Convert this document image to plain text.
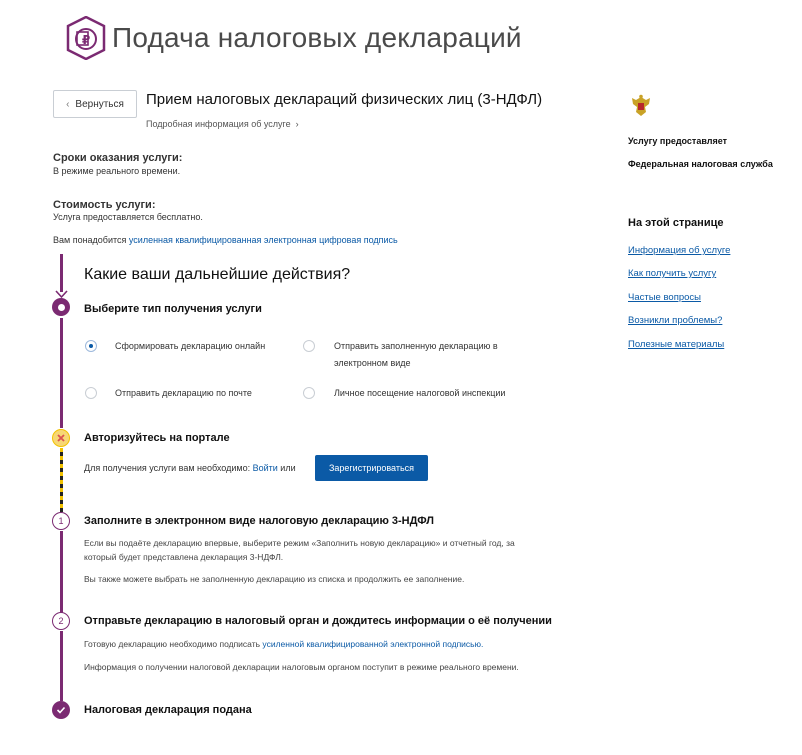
₽ Подача налоговых деклараций
‹ Вернуться Прием налоговых деклараций физических лиц (3-НДФЛ)
Подробная информация об услуге  ›
Сроки оказания услуги:
В режиме реального времени.
Стоимость услуги:
Услуга предоставляется беcплатно.
Вам понадобится усиленная квалифицированная электронная цифровая подпись
Услугу предоставляет
Федеральная налоговая служба
На этой странице
Информация об услуге
Как получить услугу
Частые вопросы
Возникли проблемы?
Полезные материалы
1
2
Какие ваши дальнейшие действия?
Выберите тип получения услуги
Сформировать декларацию онлайн	Отправить заполненную декларацию в
электронном виде
Отправить декларацию по почте	Личное посещение налоговой инспекции
Авторизуйтесь на портале
Для получения услуги вам необходимо: Войти или	Зарегистрироваться
Заполните в электронном виде налоговую декларацию 3-НДФЛ
Если вы подаёте декларацию впервые, выберите режим «Заполнить новую декларацию» и отчетный год, за
который будет представлена декларация 3-НДФЛ.
Вы также можете выбрать не заполненную декларацию из списка и продолжить ее заполнение.
Отправьте декларацию в налоговый орган и дождитесь информации о её получении
Готовую декларацию необходимо подписать усиленной квалифицированной электронной подписью.
Информация о получении налоговой декларации налоговым органом поступит в режиме реального времени.
Налоговая декларация подана
